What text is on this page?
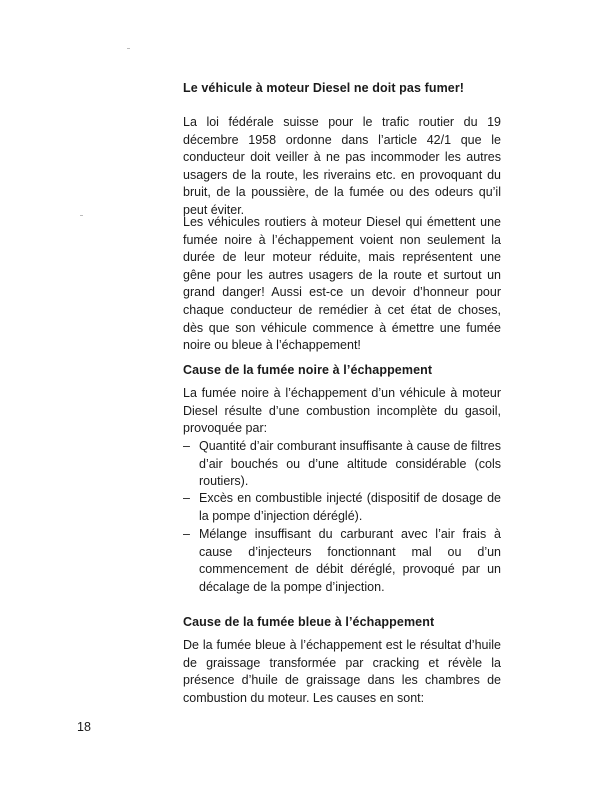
Le véhicule à moteur Diesel ne doit pas fumer!

La loi fédérale suisse pour le trafic routier du 19 décembre 1958 ordonne dans l’article 42/1 que le conducteur doit veiller à ne pas incommoder les autres usagers de la route, les riverains etc. en provoquant du bruit, de la poussière, de la fumée ou des odeurs qu’il peut éviter.

Les véhicules routiers à moteur Diesel qui émettent une fumée noire à l’échappement voient non seulement la durée de leur moteur réduite, mais représentent une gêne pour les autres usagers de la route et surtout un grand danger! Aussi est-ce un devoir d’honneur pour chaque conducteur de remédier à cet état de choses, dès que son véhicule commence à émettre une fumée noire ou bleue à l’échappement!

Cause de la fumée noire à l’échappement

La fumée noire à l’échappement d’un véhicule à moteur Diesel résulte d’une combustion incomplète du gasoil, provoquée par:

– Quantité d’air comburant insuffisante à cause de filtres d’air bouchés ou d’une altitude considérable (cols routiers).
– Excès en combustible injecté (dispositif de dosage de la pompe d’injection déréglé).
– Mélange insuffisant du carburant avec l’air frais à cause d’injecteurs fonctionnant mal ou d’un commencement de débit déréglé, provoqué par un décalage de la pompe d’injection.
Cause de la fumée bleue à l’échappement

De la fumée bleue à l’échappement est le résultat d’huile de graissage transformée par cracking et révèle la présence d’huile de graissage dans les chambres de combustion du moteur. Les causes en sont:

18
